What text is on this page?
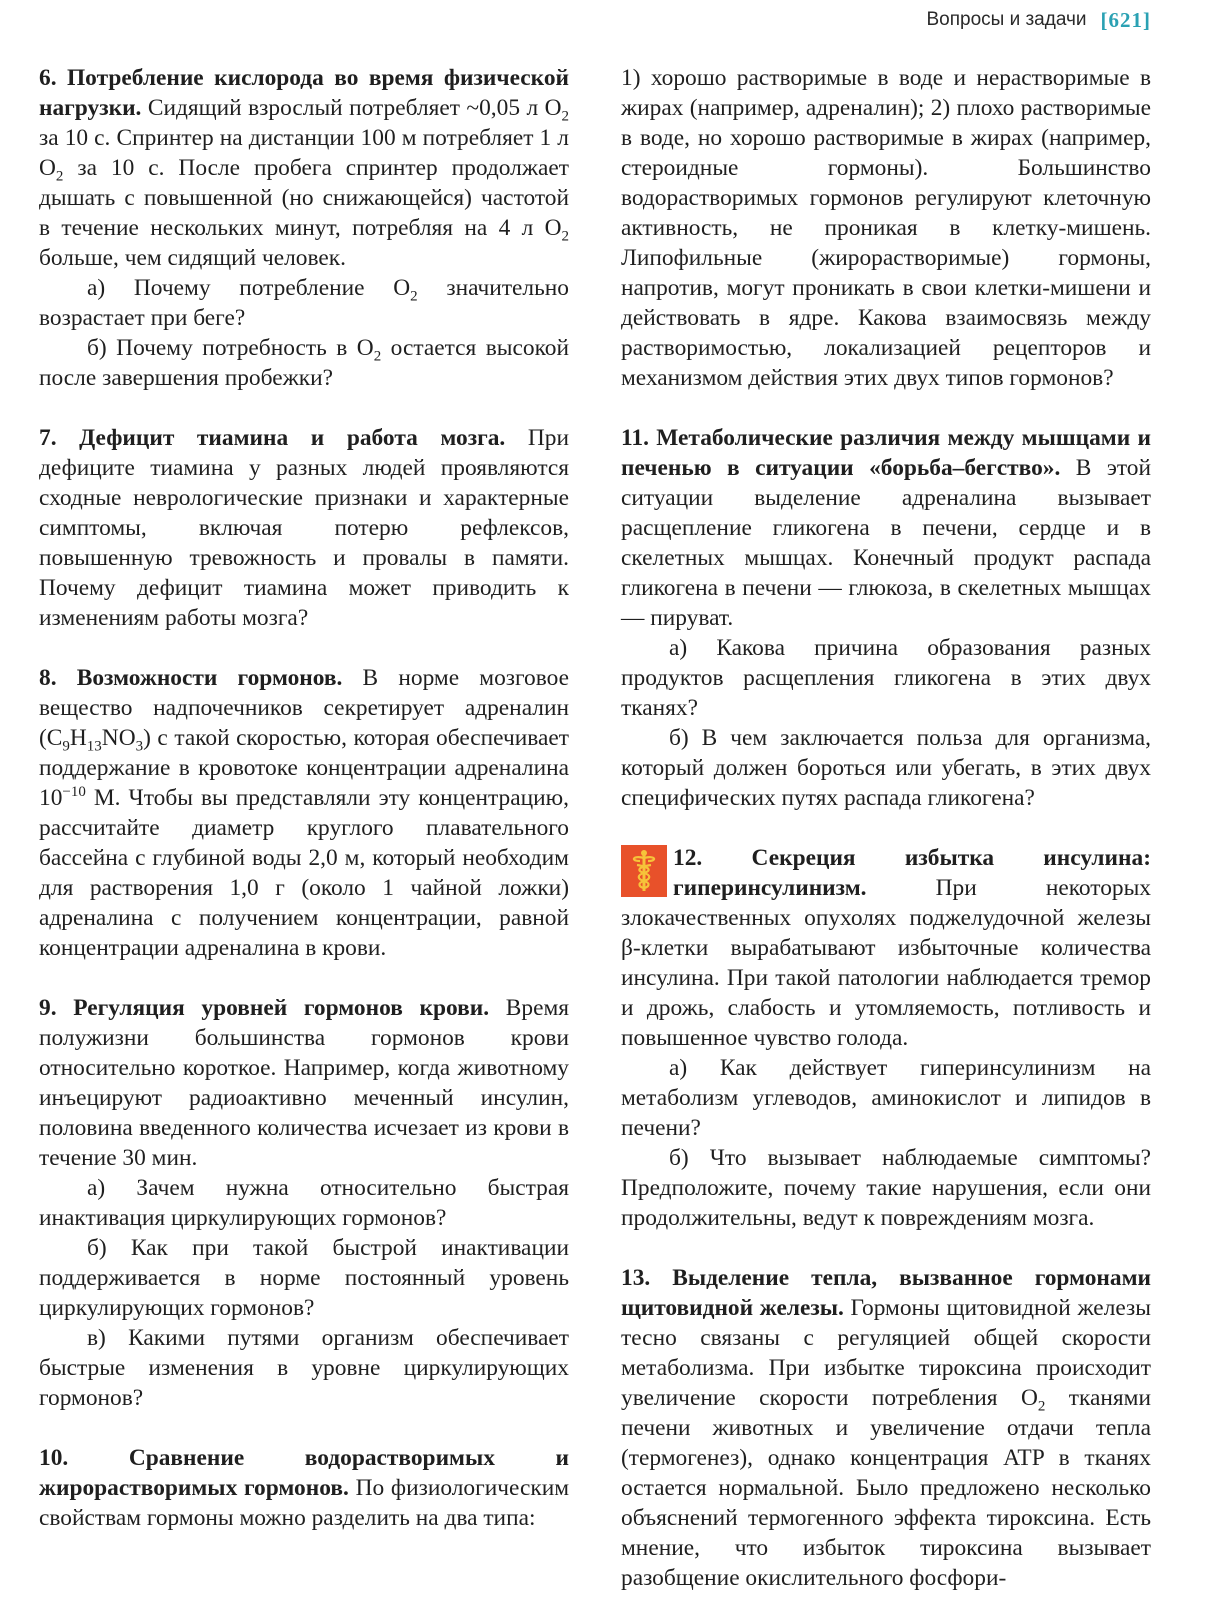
Вопросы и задачи [621]

6. Потребление кислорода во время физической нагрузки. Сидящий взрослый потребляет ~0,05 л $O_2$ за 10 с. Спринтер на дистанции 100 м потребляет 1 л $O_2$ за 10 с. После пробега спринтер продолжает дышать с повышенной (но снижающейся) частотой в течение нескольких минут, потребляя на 4 л $O_2$ больше, чем сидящий человек.

а) Почему потребление $O_2$ значительно возрастает при беге?

б) Почему потребность в $O_2$ остается высокой после завершения пробежки?

7. Дефицит тиамина и работа мозга. При дефиците тиамина у разных людей проявляются сходные неврологические признаки и характерные симптомы, включая потерю рефлексов, повышенную тревожность и провалы в памяти. Почему дефицит тиамина может приводить к изменениям работы мозга?

8. Возможности гормонов. В норме мозговое вещество надпочечников секретирует адреналин $(C_9H_{13}NO_3)$ с такой скоростью, которая обеспечивает поддержание в кровотоке концентрации адреналина $10^{-10}$ М. Чтобы вы представляли эту концентрацию, рассчитайте диаметр круглого плавательного бассейна с глубиной воды 2,0 м, который необходим для растворения 1,0 г (около 1 чайной ложки) адреналина с получением концентрации, равной концентрации адреналина в крови.

9. Регуляция уровней гормонов крови. Время полужизни большинства гормонов крови относительно короткое. Например, когда животному инъецируют радиоактивно меченный инсулин, половина введенного количества исчезает из крови в течение 30 мин.

а) Зачем нужна относительно быстрая инактивация циркулирующих гормонов?

б) Как при такой быстрой инактивации поддерживается в норме постоянный уровень циркулирующих гормонов?

в) Какими путями организм обеспечивает быстрые изменения в уровне циркулирующих гормонов?

10.	Сравнение водорастворимых и жирорастворимых гормонов. По физиологическим свойствам гормоны можно разделить на два типа:

1) хорошо растворимые в воде и нерастворимые в жирах (например, адреналин); 2) плохо растворимые в воде, но хорошо растворимые в жирах (например, стероидные гормоны). Большинство водорастворимых гормонов регулируют клеточную активность, не проникая в клетку-мишень. Липофильные (жирорастворимые) гормоны, напротив, могут проникать в свои клетки-мишени и действовать в ядре. Какова взаимосвязь между растворимостью, локализацией рецепторов и механизмом действия этих двух типов гормонов?

11. Метаболические различия между мышцами и печенью в ситуации «борьба–бегство». В этой ситуации выделение адреналина вызывает расщепление гликогена в печени, сердце и в скелетных мышцах. Конечный продукт распада гликогена в печени — глюкоза, в скелетных мышцах — пируват.

а) Какова причина образования разных продуктов расщепления гликогена в этих двух тканях?

б) В чем заключается польза для организма, который должен бороться или убегать, в этих двух специфических путях распада гликогена?

12. Секреция избытка инсулина: гиперинсулинизм. При некоторых злокачественных опухолях поджелудочной железы β-клетки вырабатывают избыточные количества инсулина. При такой патологии наблюдается тремор и дрожь, слабость и утомляемость, потливость и повышенное чувство голода.

а) Как действует гиперинсулинизм на метаболизм углеводов, аминокислот и липидов в печени?

б) Что вызывает наблюдаемые симптомы? Предположите, почему такие нарушения, если они продолжительны, ведут к повреждениям мозга.

13. Выделение тепла, вызванное гормонами щитовидной железы. Гормоны щитовидной железы тесно связаны с регуляцией общей скорости метаболизма. При избытке тироксина происходит увеличение скорости потребления $O_2$ тканями печени животных и увеличение отдачи тепла (термогенез), однако концентрация ATP в тканях остается нормальной. Было предложено несколько объяснений термогенного эффекта тироксина. Есть мнение, что избыток тироксина вызывает разобщение окислительного фосфори-
